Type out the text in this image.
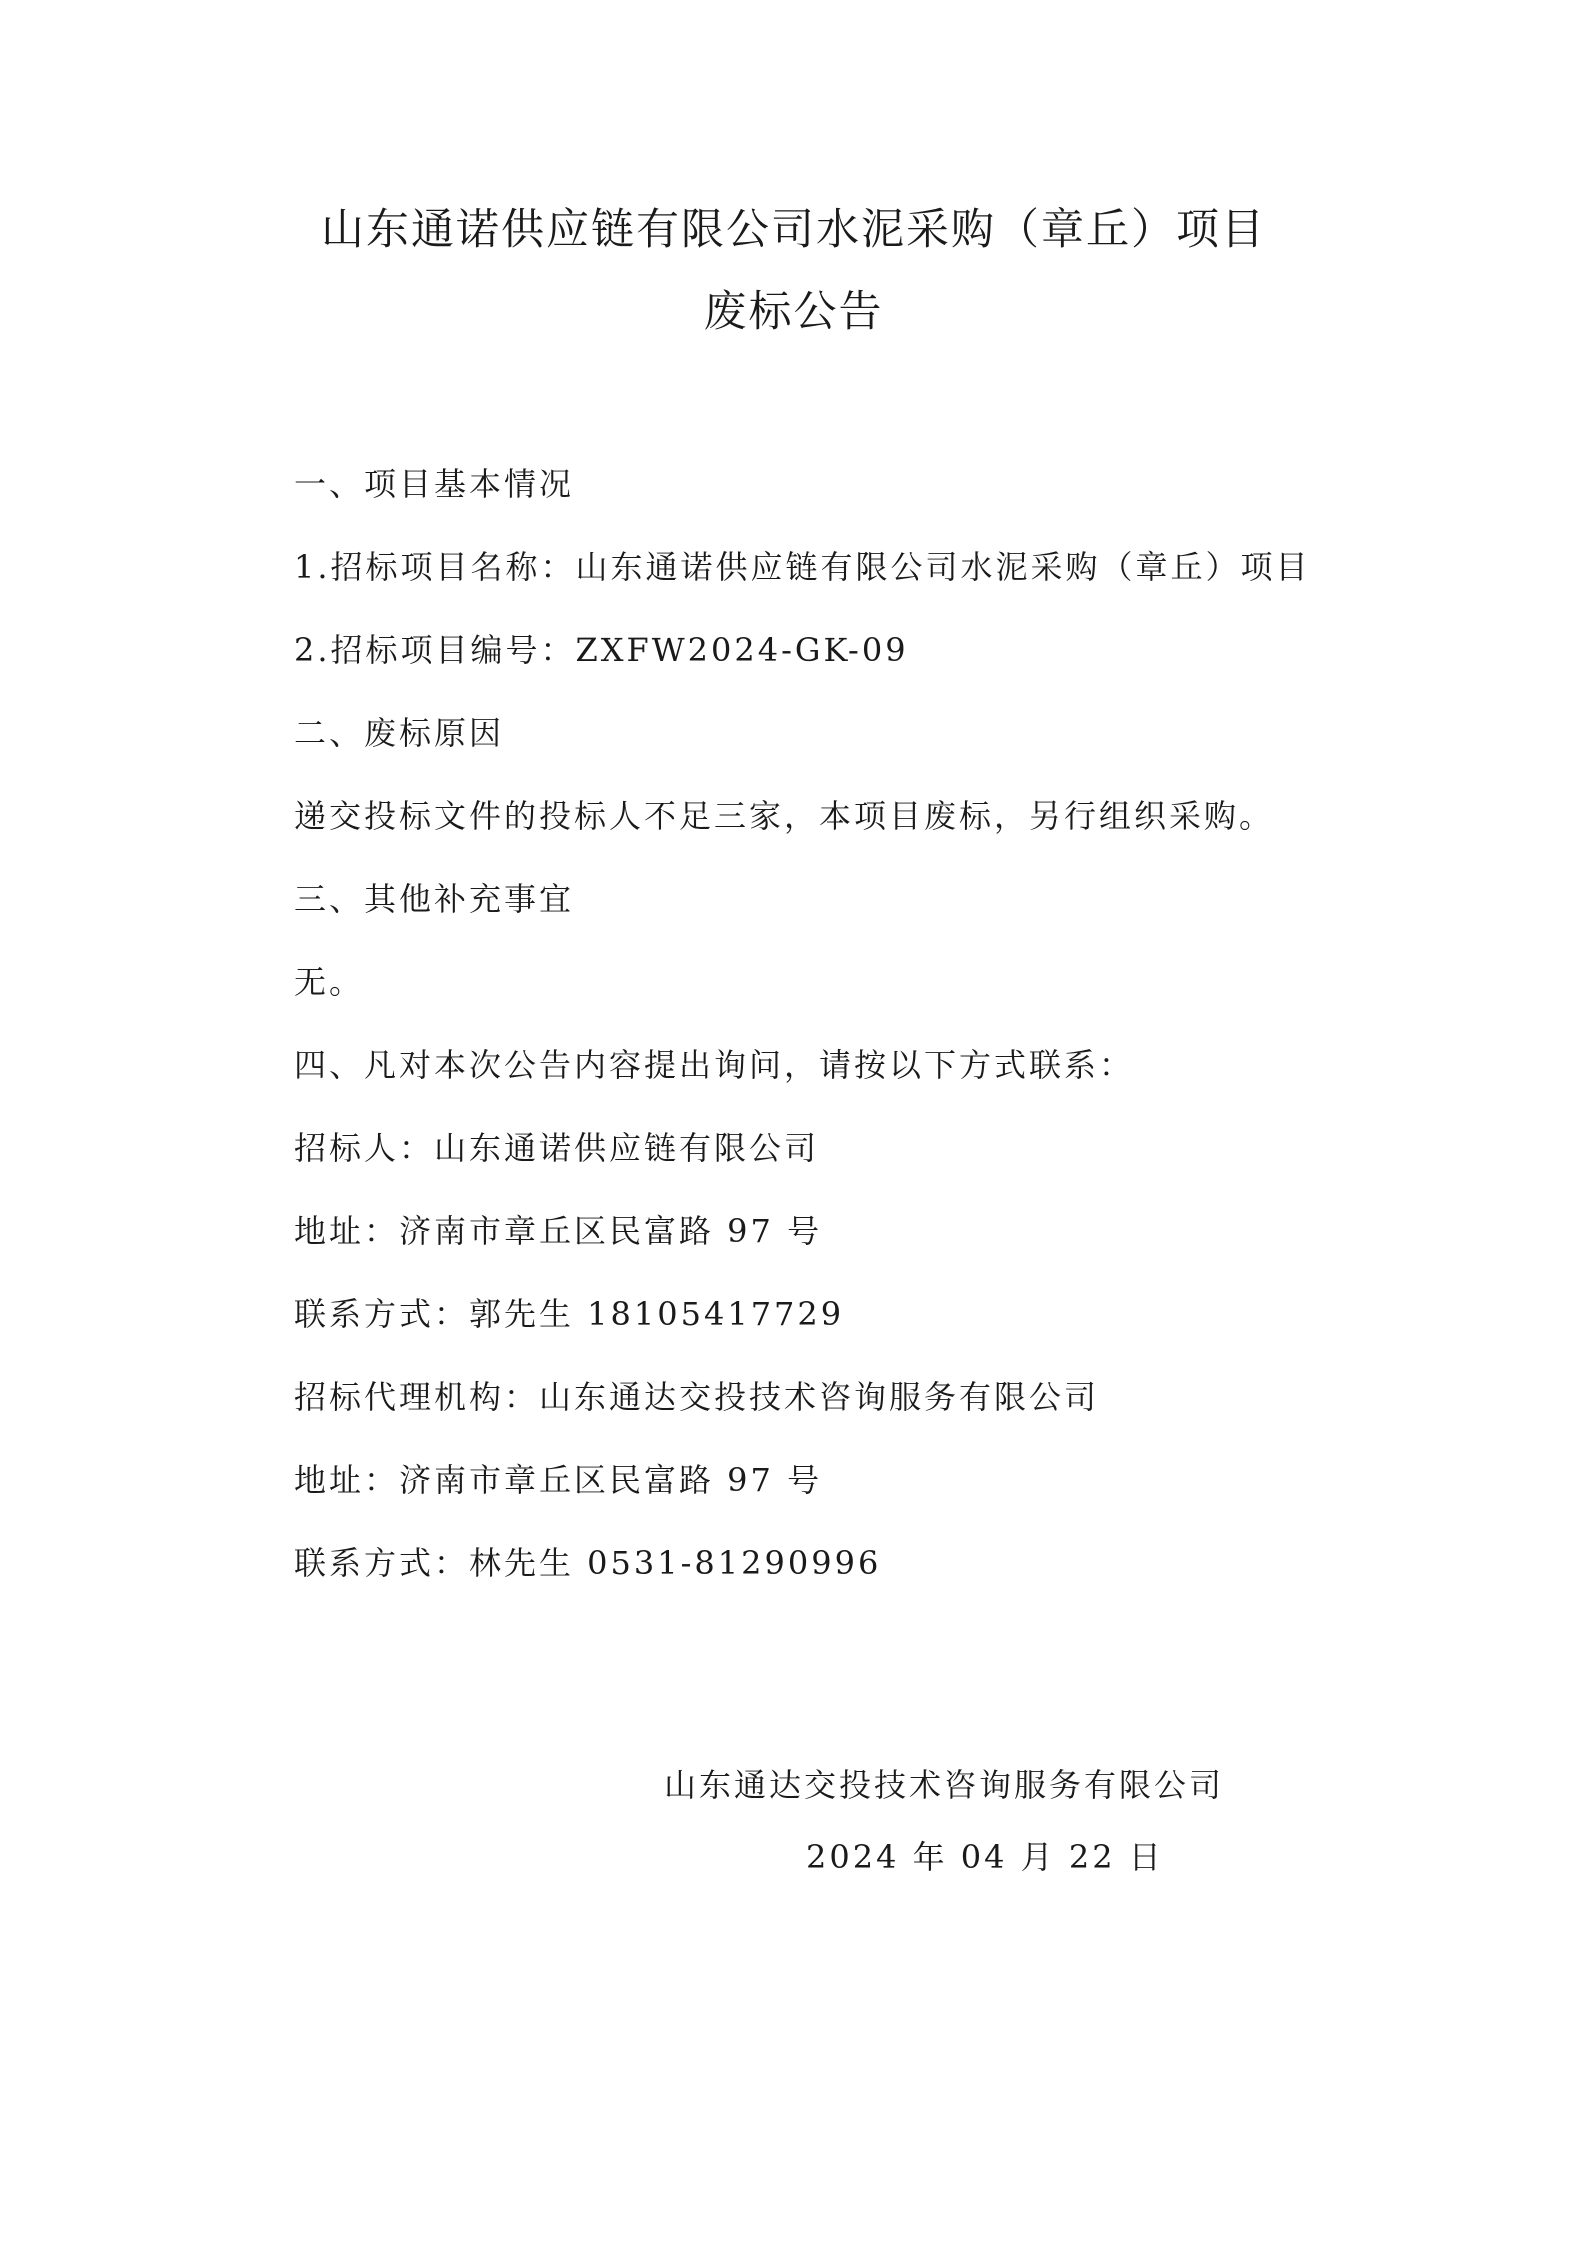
山东通诺供应链有限公司水泥采购（章丘）项目
废标公告
一、项目基本情况
1.招标项目名称：山东通诺供应链有限公司水泥采购（章丘）项目
2.招标项目编号：ZXFW2024-GK-09
二、废标原因
递交投标文件的投标人不足三家，本项目废标，另行组织采购。
三、其他补充事宜
无。
四、凡对本次公告内容提出询问，请按以下方式联系：
招标人：山东通诺供应链有限公司
地址：济南市章丘区民富路 97 号
联系方式：郭先生 18105417729
招标代理机构：山东通达交投技术咨询服务有限公司
地址：济南市章丘区民富路 97 号
联系方式：林先生 0531-81290996
山东通达交投技术咨询服务有限公司
2024 年 04 月 22 日
